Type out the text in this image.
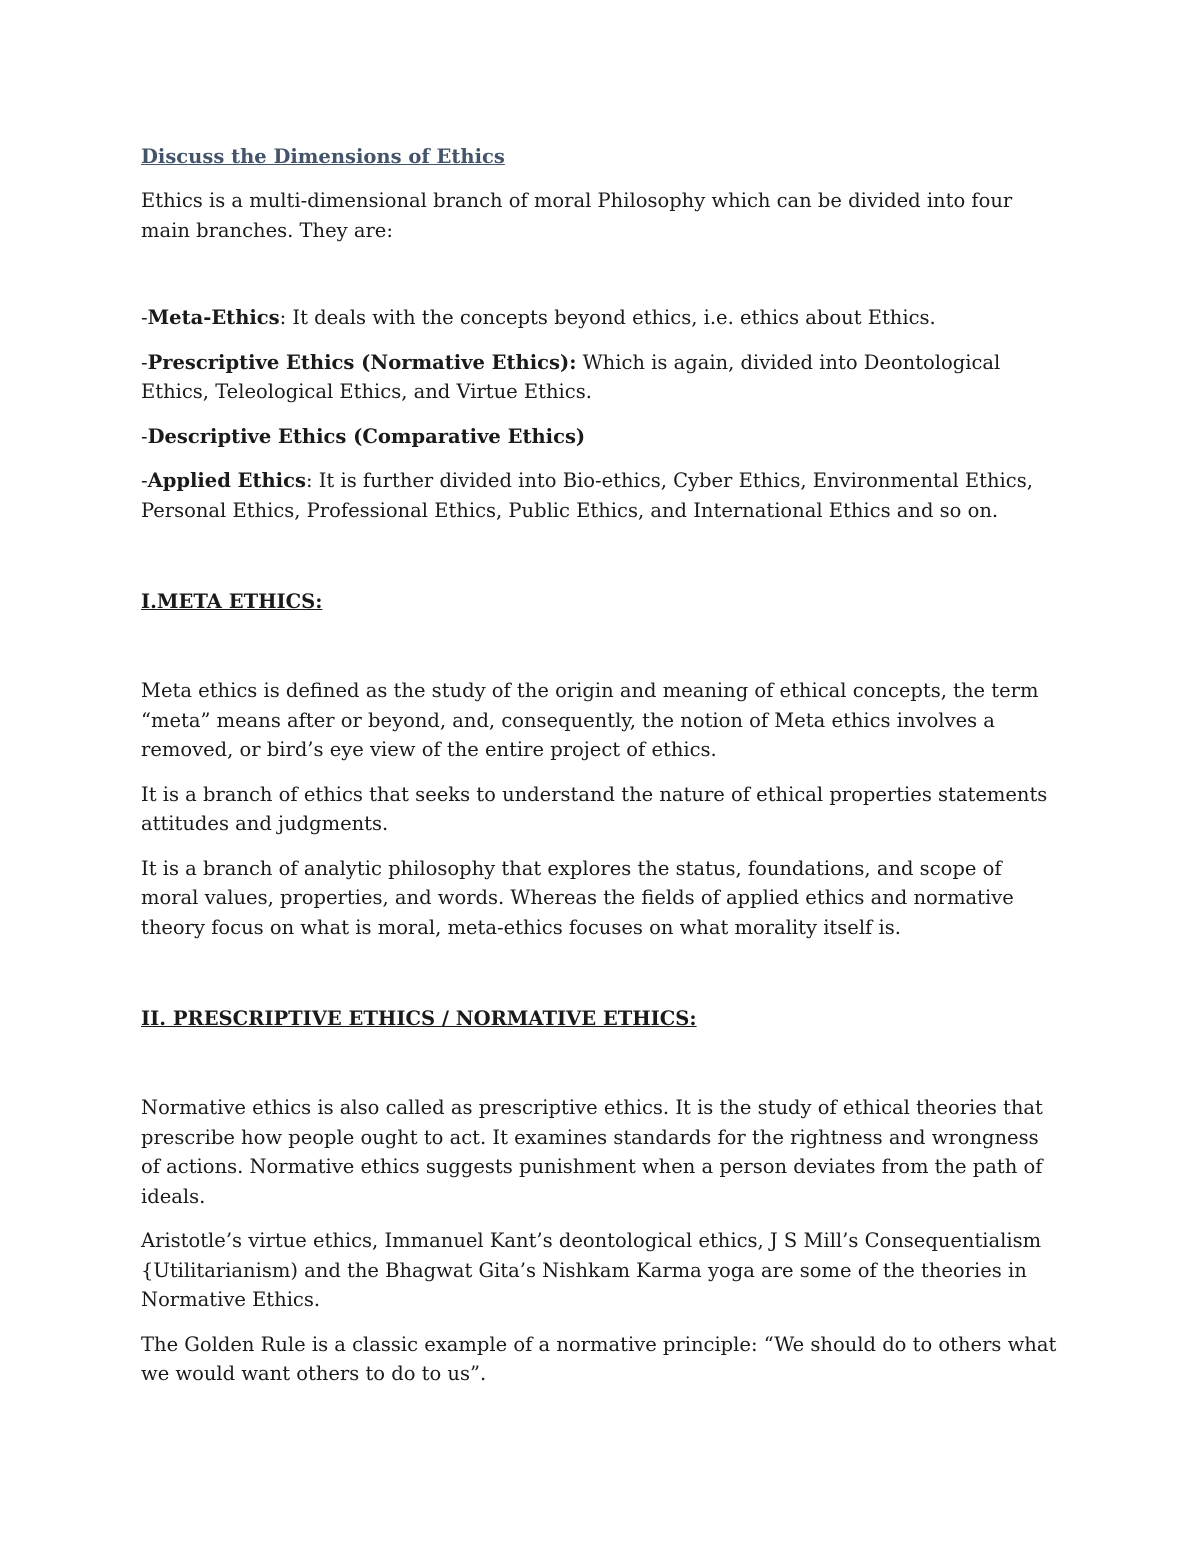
Discuss the Dimensions of Ethics

Ethics is a multi-dimensional branch of moral Philosophy which can be divided into four main branches. They are:

-Meta-Ethics: It deals with the concepts beyond ethics, i.e. ethics about Ethics.

-Prescriptive Ethics (Normative Ethics): Which is again, divided into Deontological Ethics, Teleological Ethics, and Virtue Ethics.

-Descriptive Ethics (Comparative Ethics)

-Applied Ethics: It is further divided into Bio-ethics, Cyber Ethics, Environmental Ethics, Personal Ethics, Professional Ethics, Public Ethics, and International Ethics and so on.

I.META ETHICS:

Meta ethics is defined as the study of the origin and meaning of ethical concepts, the term “meta” means after or beyond, and, consequently, the notion of Meta ethics involves a removed, or bird’s eye view of the entire project of ethics.

It is a branch of ethics that seeks to understand the nature of ethical properties statements attitudes and judgments.

It is a branch of analytic philosophy that explores the status, foundations, and scope of moral values, properties, and words. Whereas the fields of applied ethics and normative theory focus on what is moral, meta-ethics focuses on what morality itself is.

II. PRESCRIPTIVE ETHICS / NORMATIVE ETHICS:

Normative ethics is also called as prescriptive ethics. It is the study of ethical theories that prescribe how people ought to act. It examines standards for the rightness and wrongness of actions. Normative ethics suggests punishment when a person deviates from the path of ideals.

Aristotle’s virtue ethics, Immanuel Kant’s deontological ethics, J S Mill’s Consequentialism {Utilitarianism) and the Bhagwat Gita’s Nishkam Karma yoga are some of the theories in Normative Ethics.

The Golden Rule is a classic example of a normative principle: “We should do to others what we would want others to do to us”.
